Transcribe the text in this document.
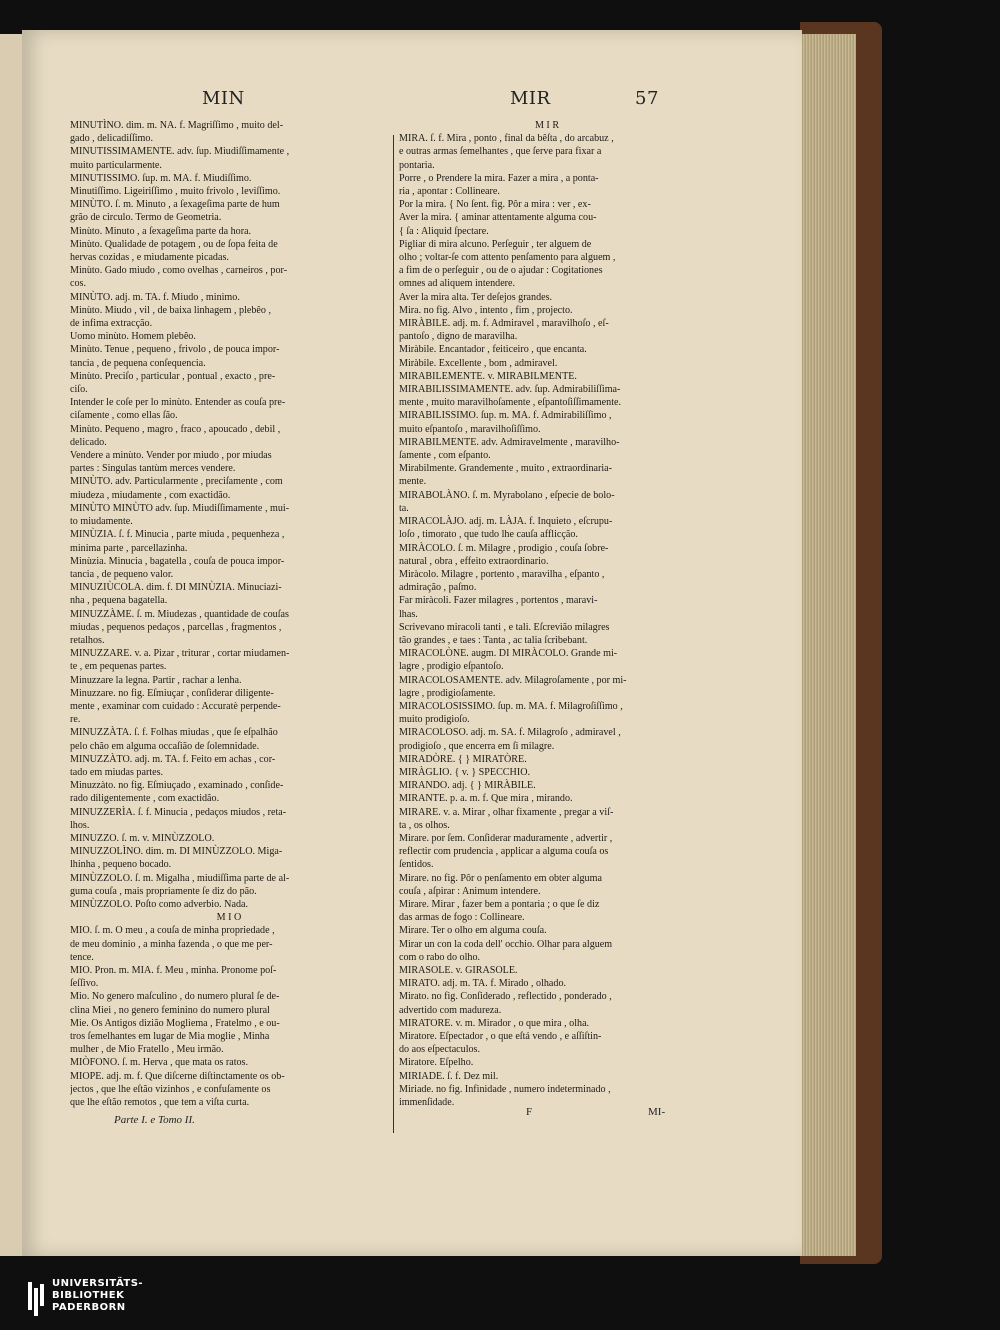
MIN	MIR	57
MINUTÌNO. dim. m. NA. f. Magriſſimo , muito del-
gado , delicadiſſimo.
MINUTISSIMAMENTE. adv. ſup. Miudiſſimamente ,
muito particularmente.
MINUTISSIMO. ſup. m. MA. f. Miudiſſimo.
Minutiſſimo. Ligeiriſſimo , muito frivolo , leviſſimo.
MINÙTO. ſ. m. Minuto , a ſexageſima parte de hum
grão de circulo. Termo de Geometria.
Minùto. Minuto , a ſexageſima parte da hora.
Minùto. Qualidade de potagem , ou de ſopa feita de
hervas cozidas , e miudamente picadas.
Minùto. Gado miudo , como ovelhas , carneiros , por-
cos.
MINÙTO. adj. m. TA. f. Miudo , minimo.
Minùto. Miudo , vil , de baixa linhagem , plebêo ,
de infima extracção.
Uomo minùto. Homem plebêo.
Minùto. Tenue , pequeno , frivolo , de pouca impor-
tancia , de pequena conſequencia.
Minùto. Preciſo , particular , pontual , exacto , pre-
ciſo.
Intender le coſe per lo minùto. Entender as couſa pre-
ciſamente , como ellas ſão.
Minùto. Pequeno , magro , fraco , apoucado , debil ,
delicado.
Vendere a minùto. Vender por miudo , por miudas
partes : Singulas tantùm merces vendere.
MINÙTO. adv. Particularmente , preciſamente , com
miudeza , miudamente , com exactidão.
MINÙTO MINÙTO adv. ſup. Miudiſſimamente , mui-
to miudamente.
MINÙZIA. ſ. f. Minucia , parte miuda , pequenheza ,
minima parte , parcellazinha.
Minùzia. Minucia , bagatella , couſa de pouca impor-
tancia , de pequeno valor.
MINUZIÙCOLA. dim. f. DI MINÙZIA. Minuciazi-
nha , pequena bagatella.
MINUZZÀME. ſ. m. Miudezas , quantidade de couſas
miudas , pequenos pedaços , parcellas , fragmentos ,
retalhos.
MINUZZARE. v. a. Pizar , triturar , cortar miudamen-
te , em pequenas partes.
Minuzzare la legna. Partir , rachar a lenha.
Minuzzare. no fig. Eſmiuçar , conſiderar diligente-
mente , examinar com cuidado : Accuratè perpende-
re.
MINUZZÀTA. ſ. f. Folhas miudas , que ſe eſpalhão
pelo chão em alguma occaſião de ſolemnidade.
MINUZZÀTO. adj. m. TA. f. Feito em achas , cor-
tado em miudas partes.
Minuzzàto. no fig. Eſmiuçado , examinado , conſide-
rado diligentemente , com exactidão.
MINUZZERÌA. ſ. f. Minucia , pedaços miudos , reta-
lhos.
MINUZZO. ſ. m. v. MINÙZZOLO.
MINUZZOLÌNO. dim. m. DI MINÙZZOLO. Miga-
lhinha , pequeno bocado.
MINÙZZOLO. ſ. m. Migalha , miudiſſima parte de al-
guma couſa , mais propriamente ſe diz do pão.
MINÙZZOLO. Poſto como adverbio. Nada.
M I O
MIO. ſ. m. O meu , a couſa de minha propriedade ,
de meu dominio , a minha fazenda , o que me per-
tence.
MIO. Pron. m. MIA. f. Meu , minha. Pronome poſ-
ſeſſivo.
Mio. No genero maſculino , do numero plural ſe de-
clina Miei , no genero feminino do numero plural
Mie. Os Antigos dizião Mogliema , Fratelmo , e ou-
tros ſemelhantes em lugar de Mia moglie , Minha
mulher , de Mio Fratello , Meu irmão.
MIÒFONO. ſ. m. Herva , que mata os ratos.
MIOPE. adj. m. f. Que diſcerne diſtinctamente os ob-
jectos , que lhe eſtão vizinhos , e confuſamente os
que lhe eſtão remotos , que tem a viſta curta.
M I R
MIRA. ſ. f. Mira , ponto , final da bêſta , do arcabuz ,
e outras armas ſemelhantes , que ſerve para fixar a
pontaria.
Porre , o Prendere la mira. Fazer a mira , a ponta-
ria , apontar : Collineare.
Por la mira. { No ſent. fig. Pôr a mira : ver , ex-
Aver la mira. { aminar attentamente alguma cou-
{ ſa : Aliquid ſpectare.
Pigliar di mira alcuno. Perſeguir , ter alguem de
olho ; voltar-ſe com attento penſamento para alguem ,
a fim de o perſeguir , ou de o ajudar : Cogitationes
omnes ad aliquem intendere.
Aver la mira alta. Ter deſejos grandes.
Mira. no fig. Alvo , intento , fim , projecto.
MIRÀBILE. adj. m. f. Admiravel , maravilhoſo , eſ-
pantoſo , digno de maravilha.
Miràbile. Encantador , feiticeiro , que encanta.
Miràbile. Excellente , bom , admiravel.
MIRABILEMENTE. v. MIRABILMENTE.
MIRABILISSIMAMENTE. adv. ſup. Admirabiliſſima-
mente , muito maravilhoſamente , eſpantoſiſſimamente.
MIRABILISSIMO. ſup. m. MA. f. Admirabiliſſimo ,
muito eſpantoſo , maravilhoſiſſimo.
MIRABILMENTE. adv. Admiravelmente , maravilho-
ſamente , com eſpanto.
Mirabilmente. Grandemente , muito , extraordinaria-
mente.
MIRABOLÀNO. ſ. m. Myrabolano , eſpecie de bolo-
ta.
MIRACOLÀJO. adj. m. LÀJA. f. Inquieto , eſcrupu-
loſo , timorato , que tudo lhe cauſa afflicção.
MIRÀCOLO. ſ. m. Milagre , prodigio , couſa ſobre-
natural , obra , effeito extraordinario.
Miràcolo. Milagre , portento , maravilha , eſpanto ,
admiração , paſmo.
Far miràcoli. Fazer milagres , portentos , maravi-
lhas.
Scrivevano miracoli tanti , e tali. Eſcrevião milagres
tão grandes , e taes : Tanta , ac talia ſcribebant.
MIRACOLÒNE. augm. DI MIRÀCOLO. Grande mi-
lagre , prodigio eſpantoſo.
MIRACOLOSAMENTE. adv. Milagroſamente , por mi-
lagre , prodigioſamente.
MIRACOLOSISSIMO. ſup. m. MA. f. Milagroſiſſimo ,
muito prodigioſo.
MIRACOLOSO. adj. m. SA. f. Milagroſo , admiravel ,
prodigioſo , que encerra em ſi milagre.
MIRADÒRE. { } MIRATÒRE.
MIRÀGLIO. { v. } SPECCHIO.
MIRANDO. adj. { } MIRÀBILE.
MIRANTE. p. a. m. f. Que mira , mirando.
MIRARE. v. a. Mirar , olhar fixamente , pregar a viſ-
ta , os olhos.
Mirare. por ſem. Conſiderar maduramente , advertir ,
reflectir com prudencia , applicar a alguma couſa os
ſentidos.
Mirare. no fig. Pôr o penſamento em obter alguma
couſa , aſpirar : Animum intendere.
Mirare. Mirar , fazer bem a pontaria ; o que ſe diz
das armas de fogo : Collineare.
Mirare. Ter o olho em alguma couſa.
Mirar un con la coda dell' occhio. Olhar para alguem
com o rabo do olho.
MIRASOLE. v. GIRASOLE.
MIRATO. adj. m. TA. f. Mirado , olhado.
Mirato. no fig. Conſiderado , reflectido , ponderado ,
advertido com madureza.
MIRATORE. v. m. Mirador , o que mira , olha.
Miratore. Eſpectador , o que eſtá vendo , e aſſiſtin-
do aos eſpectaculos.
Miratore. Eſpelho.
MIRIADE. ſ. f. Dez mil.
Miriade. no fig. Infinidade , numero indeterminado ,
immenſidade.
Parte I. e Tomo II.
F	MI-
UNIVERSITÄTS-
BIBLIOTHEK
PADERBORN
